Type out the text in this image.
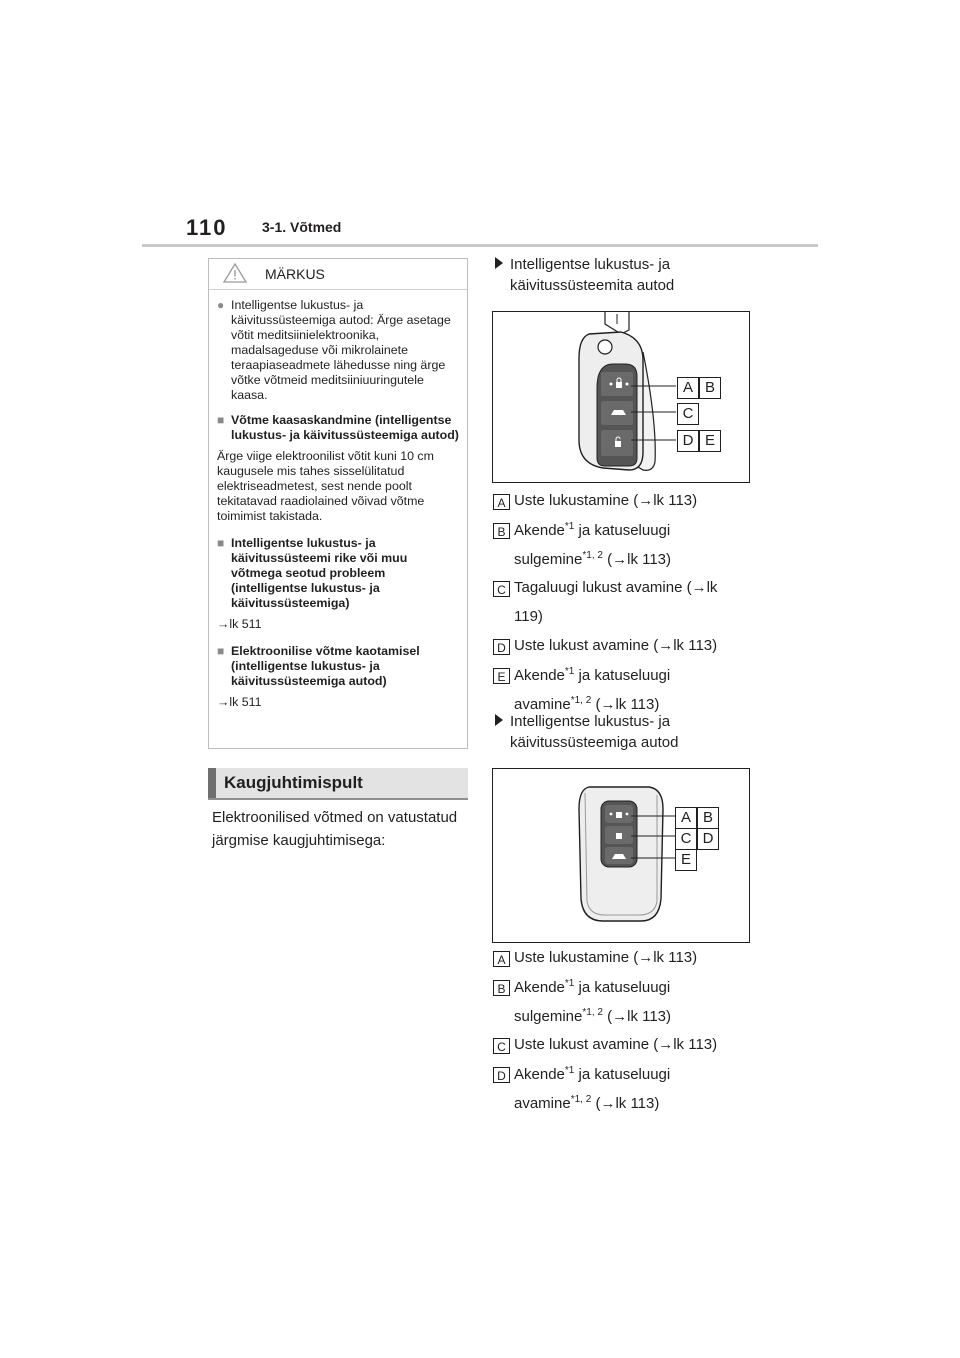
110 3-1. Võtmed
MÄRKUS
● Intelligentse lukustus- ja käivitussüsteemiga autod: Ärge asetage võtit meditsiinielektroonika, madalsageduse või mikrolainete teraapiaseadmete lähedusse ning ärge võtke võtmeid meditsiiniuuringutele kaasa.
■ Võtme kaasaskandmine (intelligentse lukustus- ja käivitussüsteemiga autod)
Ärge viige elektroonilist võtit kuni 10 cm kaugusele mis tahes sisselülitatud elektriseadmetest, sest nende poolt tekitatavad raadiolained võivad võtme toimimist takistada.
■ Intelligentse lukustus- ja käivitussüsteemi rike või muu võtmega seotud probleem (intelligentse lukustus- ja käivitussüsteemiga)
→lk 511
■ Elektroonilise võtme kaotamisel (intelligentse lukustus- ja käivitussüsteemiga autod)
→lk 511
Kaugjuhtimispult
Elektroonilised võtmed on vatustatud järgmise kaugjuhtimisega:
Intelligentse lukustus- ja käivitussüsteemita autod
A B
C
D E
A Uste lukustamine (→lk 113)
B Akende$^{*1}$ ja katuseluugi
sulgemine$^{*1, 2}$ (→lk 113)
C Tagaluugi lukust avamine (→lk
119)
D Uste lukust avamine (→lk 113)
E Akende$^{*1}$ ja katuseluugi
avamine$^{*1, 2}$ (→lk 113)
Intelligentse lukustus- ja käivitussüsteemiga autod
A B
C D
E
A Uste lukustamine (→lk 113)
B Akende$^{*1}$ ja katuseluugi
sulgemine$^{*1, 2}$ (→lk 113)
C Uste lukust avamine (→lk 113)
D Akende$^{*1}$ ja katuseluugi
avamine$^{*1, 2}$ (→lk 113)
